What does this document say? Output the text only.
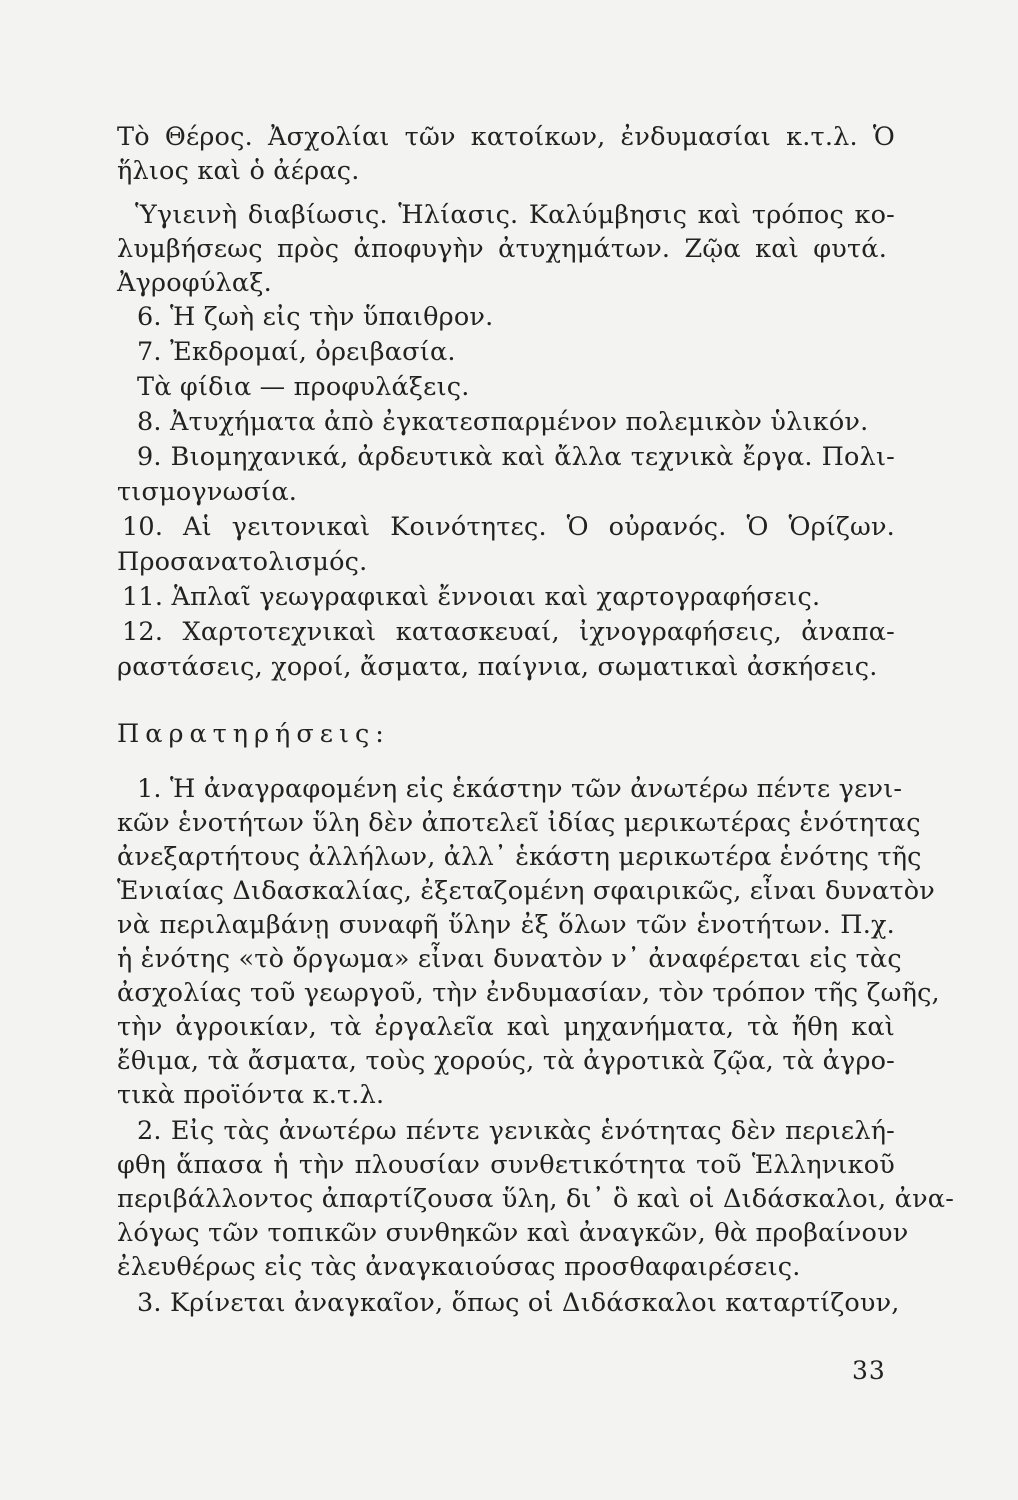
Τὸ Θέρος. Ἀσχολίαι τῶν κατοίκων, ἐνδυμασίαι κ.τ.λ. Ὁ
ἥλιος καὶ ὁ ἀέρας.
Ὑγιεινὴ διαβίωσις. Ἡλίασις. Καλύμβησις καὶ τρόπος κο-
λυμβήσεως πρὸς ἀποφυγὴν ἀτυχημάτων. Ζῷα καὶ φυτά.
Ἀγροφύλαξ.
6. Ἡ ζωὴ εἰς τὴν ὕπαιθρον.
7. Ἐκδρομαί, ὀρειβασία.
Τὰ φίδια — προφυλάξεις.
8. Ἀτυχήματα ἀπὸ ἐγκατεσπαρμένον πολεμικὸν ὑλικόν.
9. Βιομηχανικά, ἀρδευτικὰ καὶ ἄλλα τεχνικὰ ἔργα. Πολι-
τισμογνωσία.
10. Αἱ γειτονικαὶ Κοινότητες. Ὁ οὐρανός. Ὁ Ὁρίζων.
Προσανατολισμός.
11. Ἁπλαῖ γεωγραφικαὶ ἔννοιαι καὶ χαρτογραφήσεις.
12. Χαρτοτεχνικαὶ κατασκευαί, ἰχνογραφήσεις, ἀναπα-
ραστάσεις, χοροί, ἄσματα, παίγνια, σωματικαὶ ἀσκήσεις.
Παρατηρήσεις:
1. Ἡ ἀναγραφομένη εἰς ἑκάστην τῶν ἀνωτέρω πέντε γενι-
κῶν ἑνοτήτων ὕλη δὲν ἀποτελεῖ ἰδίας μερικωτέρας ἑνότητας
ἀνεξαρτήτους ἀλλήλων, ἀλλ᾽ ἑκάστη μερικωτέρα ἑνότης τῆς
Ἑνιαίας Διδασκαλίας, ἐξεταζομένη σφαιρικῶς, εἶναι δυνατὸν
νὰ περιλαμβάνῃ συναφῆ ὕλην ἐξ ὅλων τῶν ἑνοτήτων. Π.χ.
ἡ ἑνότης «τὸ ὄργωμα» εἶναι δυνατὸν ν᾽ ἀναφέρεται εἰς τὰς
ἀσχολίας τοῦ γεωργοῦ, τὴν ἐνδυμασίαν, τὸν τρόπον τῆς ζωῆς,
τὴν ἀγροικίαν, τὰ ἐργαλεῖα καὶ μηχανήματα, τὰ ἤθη καὶ
ἔθιμα, τὰ ἄσματα, τοὺς χορούς, τὰ ἀγροτικὰ ζῷα, τὰ ἀγρο-
τικὰ προϊόντα κ.τ.λ.
2. Εἰς τὰς ἀνωτέρω πέντε γενικὰς ἑνότητας δὲν περιελή-
φθη ἅπασα ἡ τὴν πλουσίαν συνθετικότητα τοῦ Ἑλληνικοῦ
περιβάλλοντος ἀπαρτίζουσα ὕλη, δι᾽ ὃ καὶ οἱ Διδάσκαλοι, ἀνα-
λόγως τῶν τοπικῶν συνθηκῶν καὶ ἀναγκῶν, θὰ προβαίνουν
ἐλευθέρως εἰς τὰς ἀναγκαιούσας προσθαφαιρέσεις.
3. Κρίνεται ἀναγκαῖον, ὅπως οἱ Διδάσκαλοι καταρτίζουν,
33
